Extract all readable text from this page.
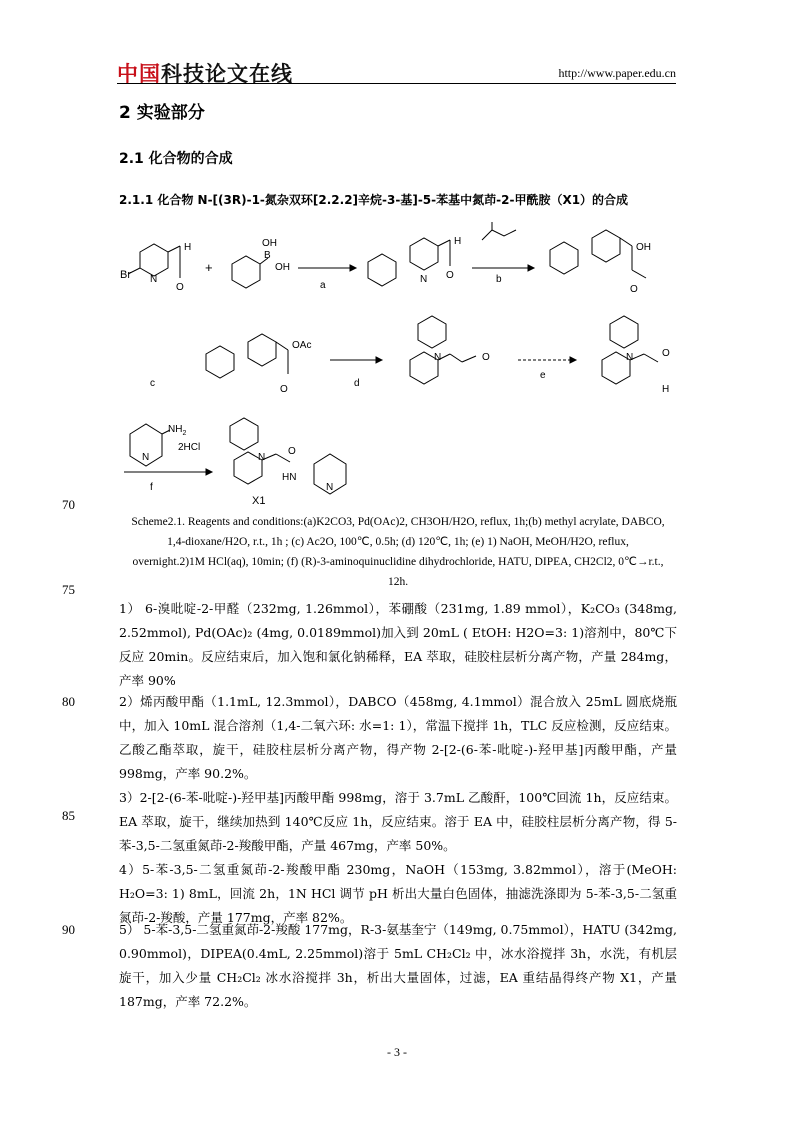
中国科技论文在线	http://www.paper.edu.cn
2 实验部分
2.1 化合物的合成
2.1.1 化合物 N-[(3R)-1-氮杂双环[2.2.2]辛烷-3-基]-5-苯基中氮茚-2-甲酰胺（X1）的合成
Br N
O
H
+
B
OH
OH
a
N O
H
b
OH
O
OAc
O
c	d
N	O
e
N	O
H
$NH_2$
2HCl
N
f
N
O
HN
N
X1
70
75
80
85
90
Scheme2.1. Reagents and conditions:(a)K2CO3, Pd(OAc)2, CH3OH/H2O, reflux, 1h;(b) methyl acrylate, DABCO,
1,4-dioxane/H2O, r.t., 1h ; (c) Ac2O, 100℃, 0.5h; (d) 120℃, 1h; (e) 1) NaOH, MeOH/H2O, reflux,
overnight.2)1M HCl(aq), 10min; (f) (R)-3-aminoquinuclidine dihydrochloride, HATU, DIPEA, CH2Cl2, 0℃→r.t.,
12h.
1） 6-溴吡啶-2-甲醛（232mg, 1.26mmol），苯硼酸（231mg, 1.89 mmol），K₂CO₃ (348mg, 2.52mmol), Pd(OAc)₂ (4mg, 0.0189mmol)加入到 20mL ( EtOH: H2O=3: 1)溶剂中，80℃下反应 20min。反应结束后，加入饱和氯化钠稀释，EA 萃取，硅胶柱层析分离产物，产量 284mg，产率 90%
2）烯丙酸甲酯（1.1mL, 12.3mmol），DABCO（458mg, 4.1mmol）混合放入 25mL 圆底烧瓶中，加入 10mL 混合溶剂（1,4-二氧六环: 水=1: 1），常温下搅拌 1h，TLC 反应检测，反应结束。乙酸乙酯萃取，旋干，硅胶柱层析分离产物，得产物 2-[2-(6-苯-吡啶-)-羟甲基]丙酸甲酯，产量 998mg，产率 90.2%。
3）2-[2-(6-苯-吡啶-)-羟甲基]丙酸甲酯 998mg，溶于 3.7mL 乙酸酐，100℃回流 1h，反应结束。EA 萃取，旋干，继续加热到 140℃反应 1h，反应结束。溶于 EA 中，硅胶柱层析分离产物，得 5-苯-3,5-二氢重氮茚-2-羧酸甲酯，产量 467mg，产率 50%。
4）5-苯-3,5-二氢重氮茚-2-羧酸甲酯 230mg，NaOH（153mg, 3.82mmol），溶于(MeOH: H₂O=3: 1) 8mL，回流 2h，1N HCl 调节 pH 析出大量白色固体，抽滤洗涤即为 5-苯-3,5-二氢重氮茚-2-羧酸，产量 177mg，产率 82%。
5） 5-苯-3,5-二氢重氮茚-2-羧酸 177mg，R-3-氨基奎宁（149mg, 0.75mmol），HATU (342mg, 0.90mmol)，DIPEA(0.4mL, 2.25mmol)溶于 5mL CH₂Cl₂ 中，冰水浴搅拌 3h，水洗，有机层旋干，加入少量 CH₂Cl₂ 冰水浴搅拌 3h，析出大量固体，过滤，EA 重结晶得终产物 X1，产量 187mg，产率 72.2%。
- 3 -
